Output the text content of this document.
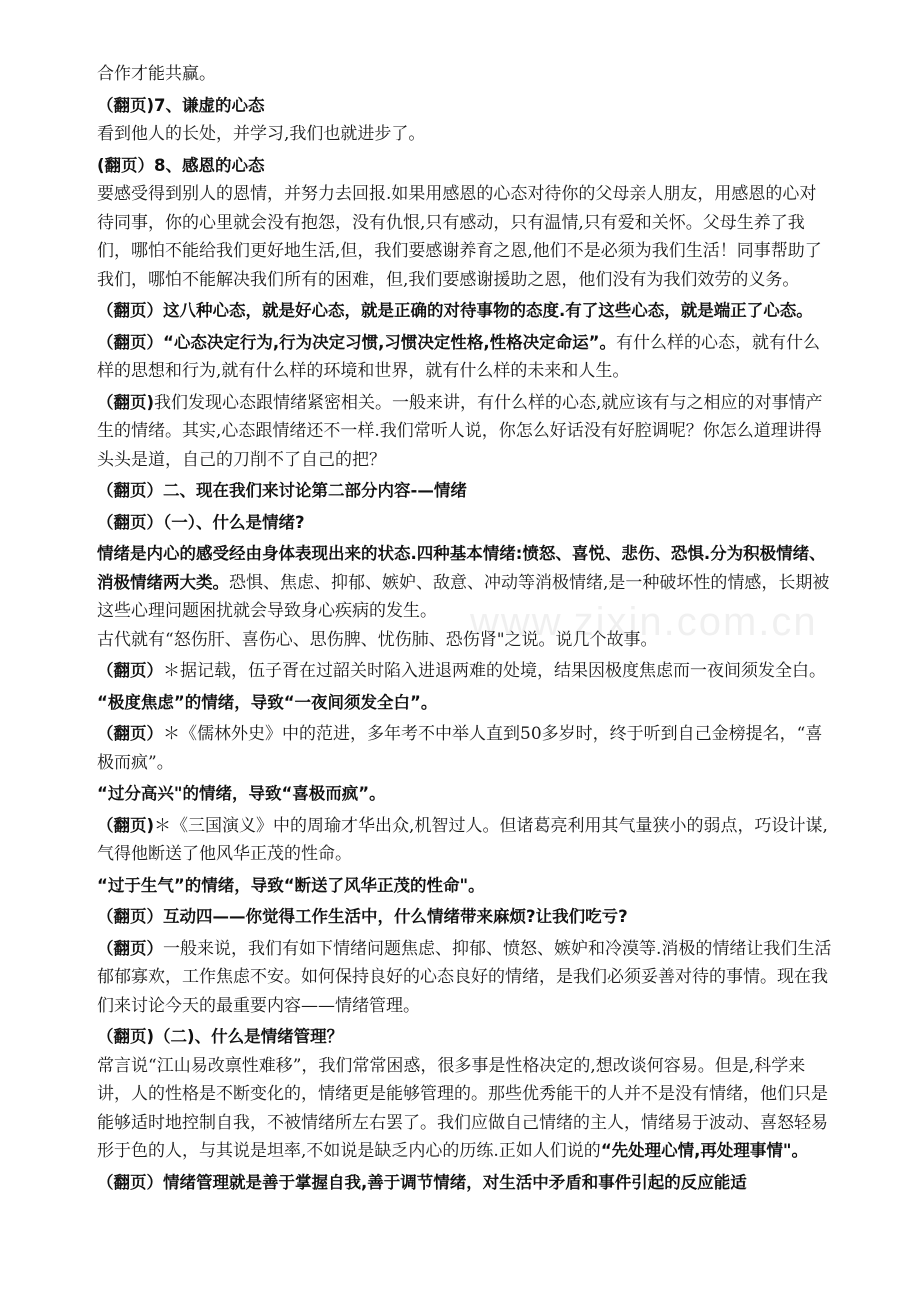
www.zixin.com.cn

合作才能共赢。

（翻页)7、谦虚的心态

看到他人的长处，并学习,我们也就进步了。

(翻页）8、感恩的心态

要感受得到别人的恩情，并努力去回报.如果用感恩的心态对待你的父母亲人朋友，用感恩的心对待同事，你的心里就会没有抱怨，没有仇恨,只有感动，只有温情,只有爱和关怀。父母生养了我们，哪怕不能给我们更好地生活,但，我们要感谢养育之恩,他们不是必须为我们生活！同事帮助了我们，哪怕不能解决我们所有的困难，但,我们要感谢援助之恩，他们没有为我们效劳的义务。

（翻页）这八种心态，就是好心态，就是正确的对待事物的态度.有了这些心态，就是端正了心态。

（翻页）“心态决定行为,行为决定习惯,习惯决定性格,性格决定命运”。有什么样的心态，就有什么样的思想和行为,就有什么样的环境和世界，就有什么样的未来和人生。

（翻页)我们发现心态跟情绪紧密相关。一般来讲，有什么样的心态,就应该有与之相应的对事情产生的情绪。其实,心态跟情绪还不一样.我们常听人说，你怎么好话没有好腔调呢？你怎么道理讲得头头是道，自己的刀削不了自己的把？

（翻页）二、现在我们来讨论第二部分内容-—情绪

（翻页）（一）、什么是情绪?

情绪是内心的感受经由身体表现出来的状态.四种基本情绪:愤怒、喜悦、悲伤、恐惧.分为积极情绪、消极情绪两大类。恐惧、焦虑、抑郁、嫉妒、敌意、冲动等消极情绪,是一种破坏性的情感，长期被这些心理问题困扰就会导致身心疾病的发生。

古代就有“怒伤肝、喜伤心、思伤脾、忧伤肺、恐伤肾"之说。说几个故事。

（翻页）＊据记载，伍子胥在过韶关时陷入进退两难的处境，结果因极度焦虑而一夜间须发全白。

“极度焦虑”的情绪，导致“一夜间须发全白”。

（翻页）＊《儒林外史》中的范进，多年考不中举人直到50多岁时，终于听到自己金榜提名，“喜极而疯”。

“过分高兴"的情绪，导致“喜极而疯”。

（翻页)＊《三国演义》中的周瑜才华出众,机智过人。但诸葛亮利用其气量狭小的弱点，巧设计谋,气得他断送了他风华正茂的性命。

“过于生气”的情绪，导致“断送了风华正茂的性命"。

（翻页）互动四——你觉得工作生活中，什么情绪带来麻烦?让我们吃亏?

（翻页）一般来说，我们有如下情绪问题焦虑、抑郁、愤怒、嫉妒和冷漠等.消极的情绪让我们生活郁郁寡欢，工作焦虑不安。如何保持良好的心态良好的情绪，是我们必须妥善对待的事情。现在我们来讨论今天的最重要内容——情绪管理。

（翻页)（二)、什么是情绪管理？

常言说“江山易改禀性难移”，我们常常困惑，很多事是性格决定的,想改谈何容易。但是,科学来讲，人的性格是不断变化的，情绪更是能够管理的。那些优秀能干的人并不是没有情绪，他们只是能够适时地控制自我，不被情绪所左右罢了。我们应做自己情绪的主人，情绪易于波动、喜怒轻易形于色的人，与其说是坦率,不如说是缺乏内心的历练.正如人们说的“先处理心情,再处理事情"。

（翻页）情绪管理就是善于掌握自我,善于调节情绪，对生活中矛盾和事件引起的反应能适
